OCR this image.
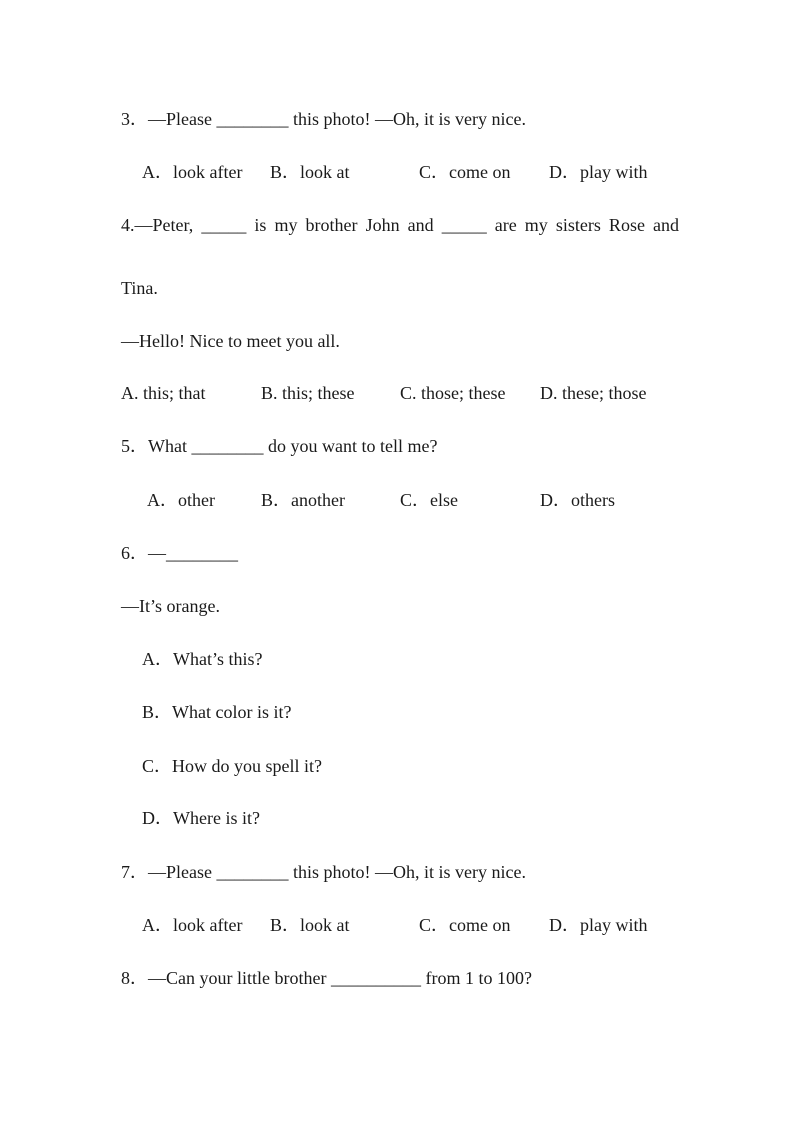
3．—Please ________ this photo! —Oh, it is very nice.

A．look after B．look at	C．come on D．play with
4.—Peter, _____ is my brother John and _____ are my sisters Rose and

Tina.

—Hello! Nice to meet you all.

A. this; that	B. this; these	C. those; these D. these; those

5．What ________ do you want to tell me?

A．other	B．another	C．else	D．others

6．—________

—It’s orange.

A．What’s this?

B．What color is it?

C．How do you spell it?

D．Where is it?

7．—Please ________ this photo! —Oh, it is very nice.

A．look after B．look at	C．come on D．play with

8．—Can your little brother __________ from 1 to 100?
